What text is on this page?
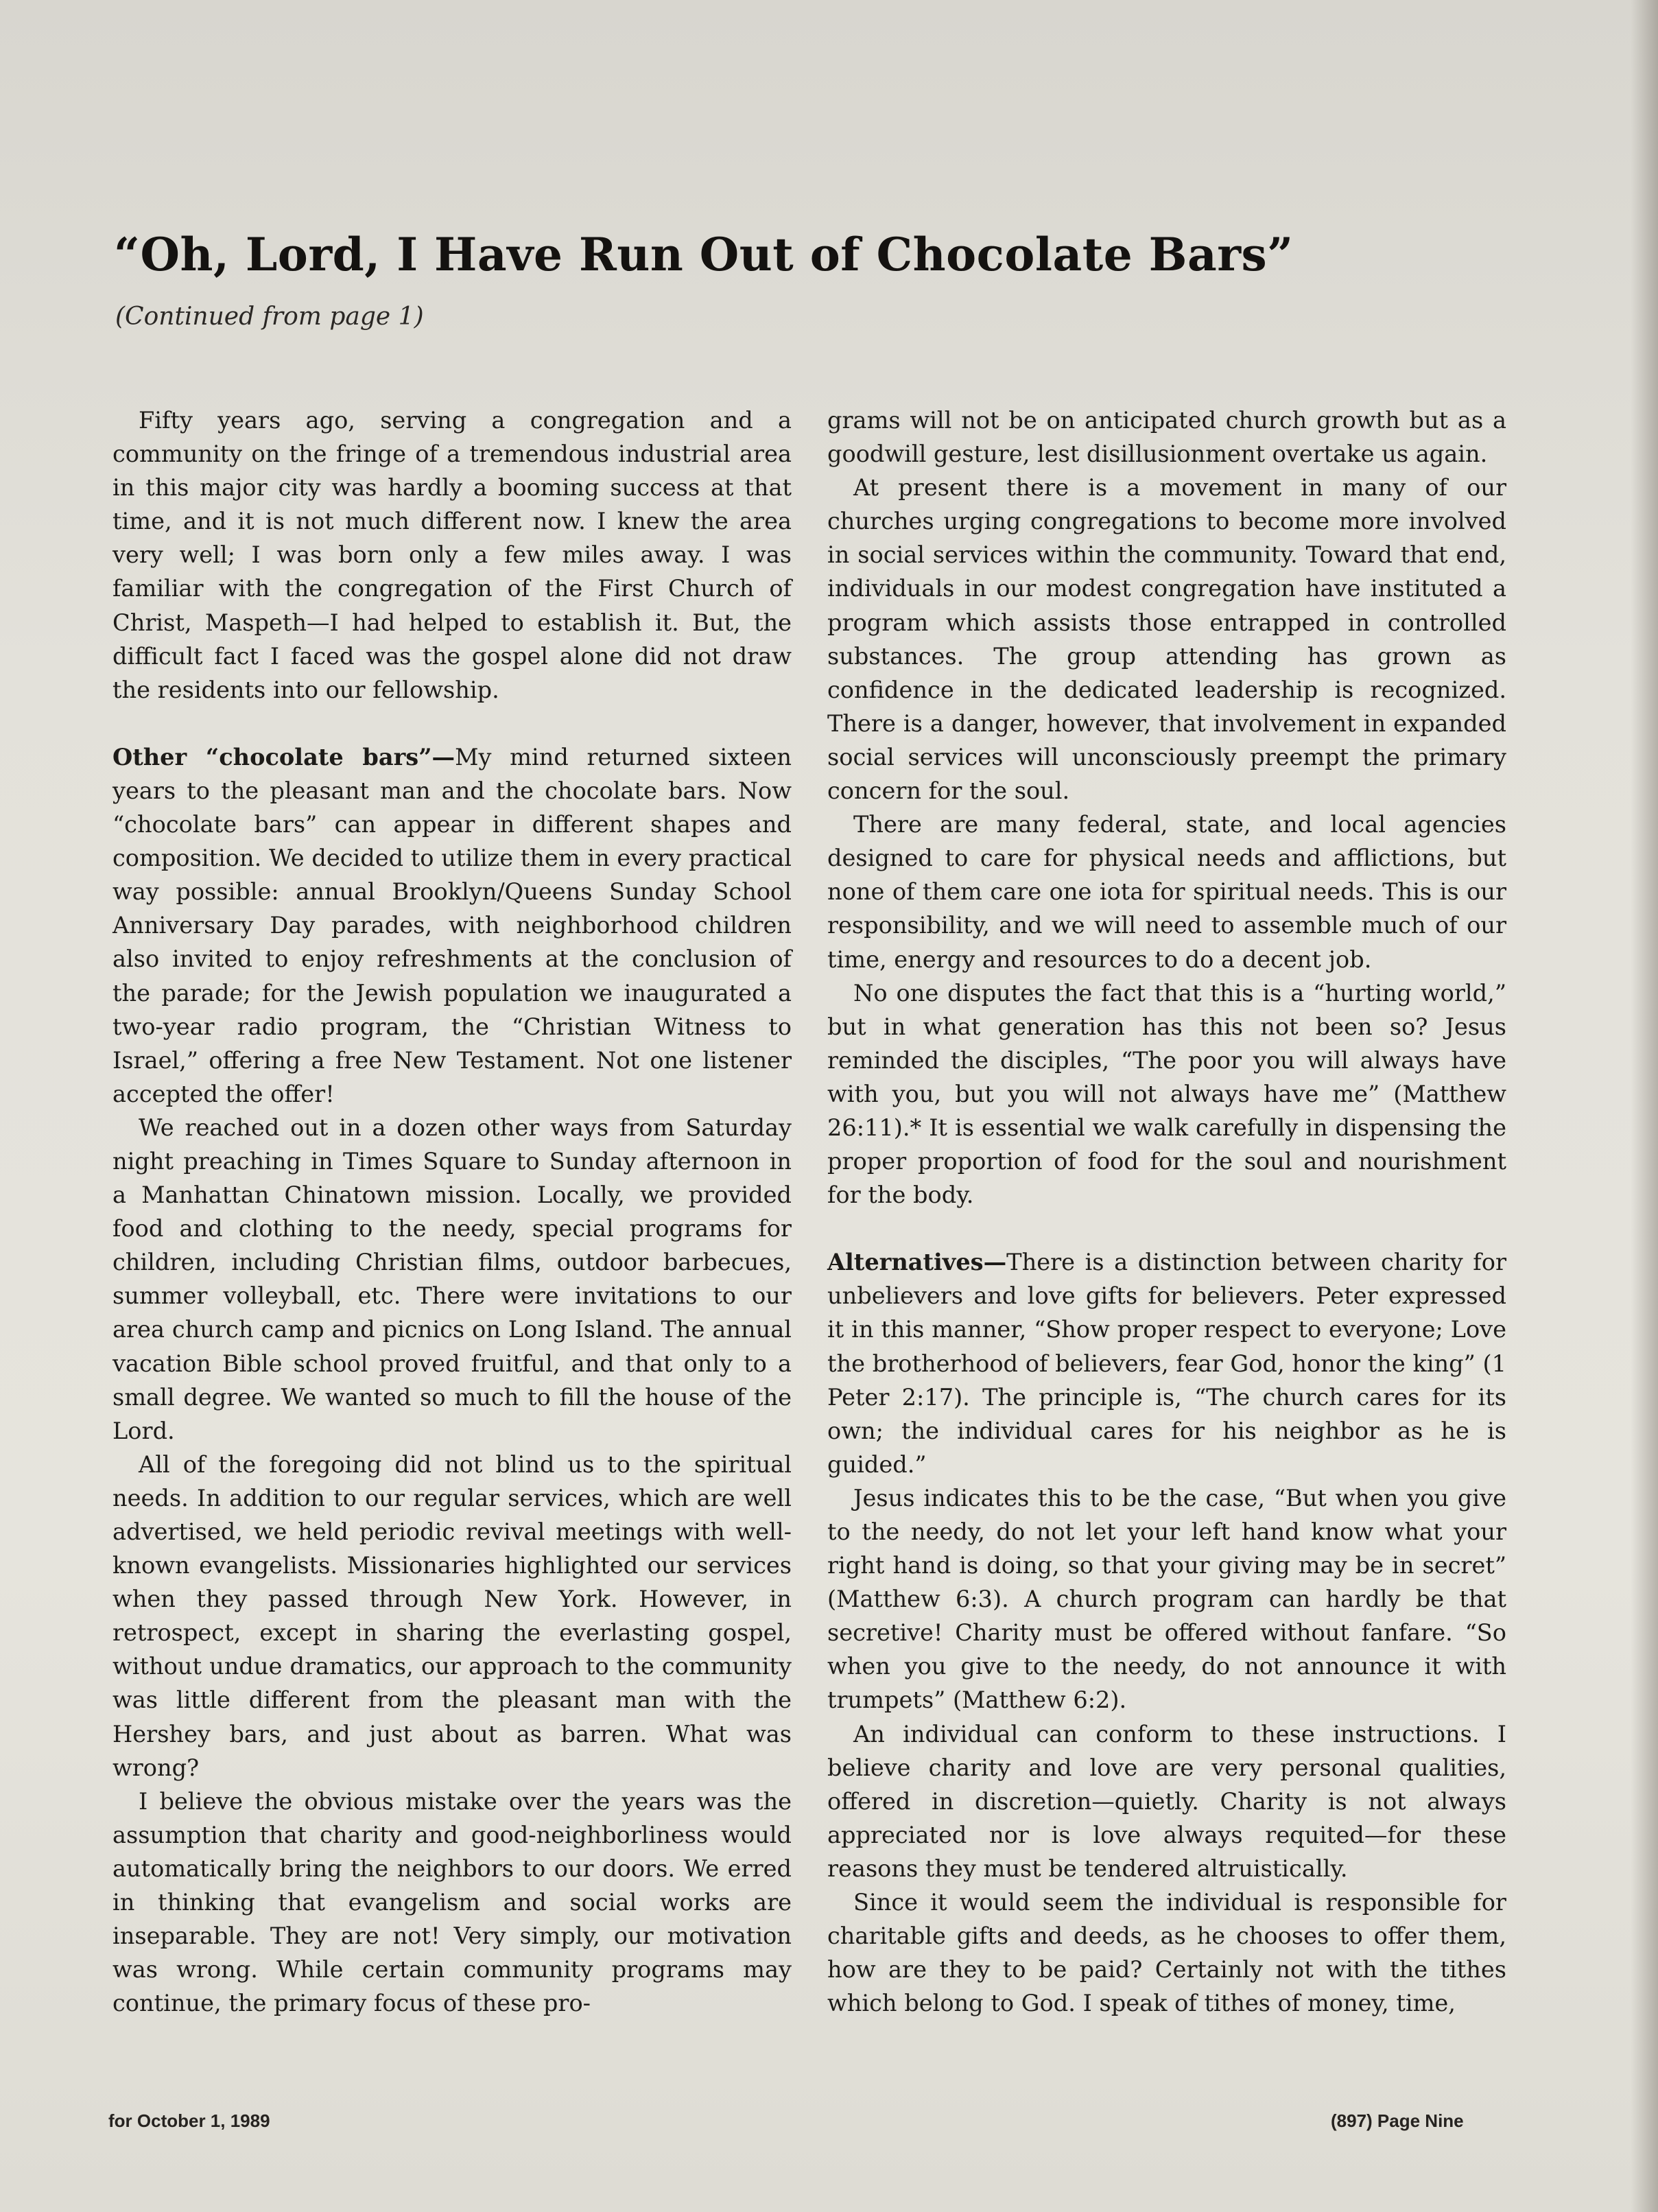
“Oh, Lord, I Have Run Out of Chocolate Bars”
(Continued from page 1)

Fifty years ago, serving a congregation and a community on the fringe of a tremendous industrial area in this major city was hardly a booming success at that time, and it is not much different now. I knew the area very well; I was born only a few miles away. I was familiar with the congregation of the First Church of Christ, Maspeth—I had helped to establish it. But, the difficult fact I faced was the gospel alone did not draw the residents into our fellowship.

Other “chocolate bars”—My mind returned sixteen years to the pleasant man and the chocolate bars. Now “chocolate bars” can appear in different shapes and composition. We decided to utilize them in every practical way possible: annual Brooklyn/Queens Sunday School Anniversary Day parades, with neighborhood children also invited to enjoy refreshments at the conclusion of the parade; for the Jewish population we inaugurated a two-year radio program, the “Christian Witness to Israel,” offering a free New Testament. Not one listener accepted the offer!

We reached out in a dozen other ways from Saturday night preaching in Times Square to Sunday afternoon in a Manhattan Chinatown mission. Locally, we provided food and clothing to the needy, special programs for children, including Christian films, outdoor barbecues, summer volleyball, etc. There were invitations to our area church camp and picnics on Long Island. The annual vacation Bible school proved fruitful, and that only to a small degree. We wanted so much to fill the house of the Lord.

All of the foregoing did not blind us to the spiritual needs. In addition to our regular services, which are well advertised, we held periodic revival meetings with well-known evangelists. Missionaries highlighted our services when they passed through New York. However, in retrospect, except in sharing the everlasting gospel, without undue dramatics, our approach to the community was little different from the pleasant man with the Hershey bars, and just about as barren. What was wrong?

I believe the obvious mistake over the years was the assumption that charity and good-neighborliness would automatically bring the neighbors to our doors. We erred in thinking that evangelism and social works are inseparable. They are not! Very simply, our motivation was wrong. While certain community programs may continue, the primary focus of these pro-

grams will not be on anticipated church growth but as a goodwill gesture, lest disillusionment overtake us again.

At present there is a movement in many of our churches urging congregations to become more involved in social services within the community. Toward that end, individuals in our modest congregation have instituted a program which assists those entrapped in controlled substances. The group attending has grown as confidence in the dedicated leadership is recognized. There is a danger, however, that involvement in expanded social services will unconsciously preempt the primary concern for the soul.

There are many federal, state, and local agencies designed to care for physical needs and afflictions, but none of them care one iota for spiritual needs. This is our responsibility, and we will need to assemble much of our time, energy and resources to do a decent job.

No one disputes the fact that this is a “hurting world,” but in what generation has this not been so? Jesus reminded the disciples, “The poor you will always have with you, but you will not always have me” (Matthew 26:11).* It is essential we walk carefully in dispensing the proper proportion of food for the soul and nourishment for the body.

Alternatives—There is a distinction between charity for unbelievers and love gifts for believers. Peter expressed it in this manner, “Show proper respect to everyone; Love the brotherhood of believers, fear God, honor the king” (1 Peter 2:17). The principle is, “The church cares for its own; the individual cares for his neighbor as he is guided.”

Jesus indicates this to be the case, “But when you give to the needy, do not let your left hand know what your right hand is doing, so that your giving may be in secret” (Matthew 6:3). A church program can hardly be that secretive! Charity must be offered without fanfare. “So when you give to the needy, do not announce it with trumpets” (Matthew 6:2).

An individual can conform to these instructions. I believe charity and love are very personal qualities, offered in discretion—quietly. Charity is not always appreciated nor is love always requited—for these reasons they must be tendered altruistically.

Since it would seem the individual is responsible for charitable gifts and deeds, as he chooses to offer them, how are they to be paid? Certainly not with the tithes which belong to God. I speak of tithes of money, time,

for October 1, 1989	(897) Page Nine
